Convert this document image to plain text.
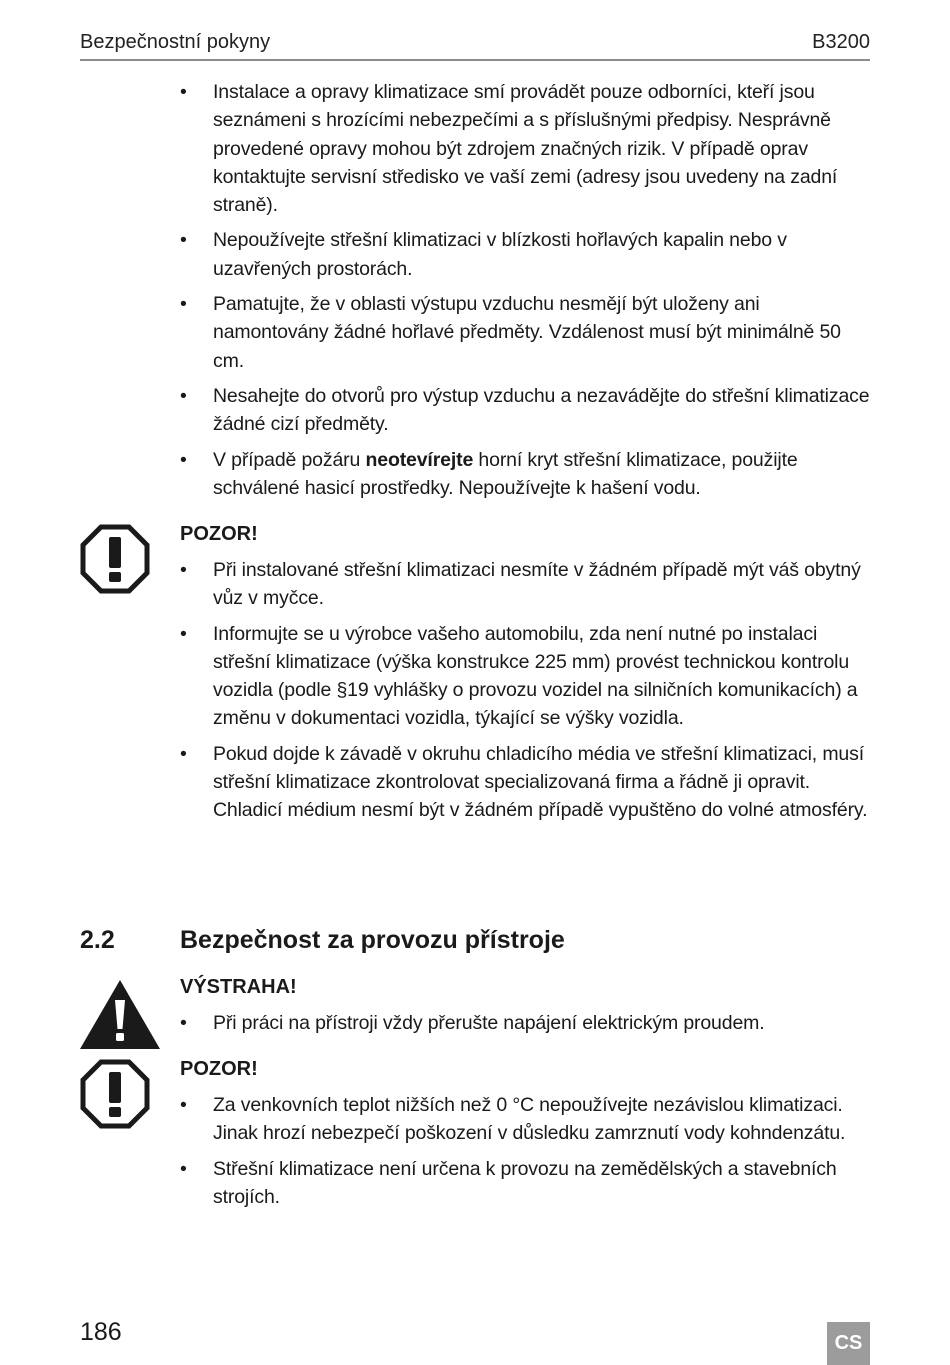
Bezpečnostní pokyny	B3200
• Instalace a opravy klimatizace smí provádět pouze odborníci, kteří jsou seznámeni s hrozícími nebezpečími a s příslušnými předpisy. Nesprávně provedené opravy mohou být zdrojem značných rizik. V případě oprav kontaktujte servisní středisko ve vaší zemi (adresy jsou uvedeny na zadní straně).
• Nepoužívejte střešní klimatizaci v blízkosti hořlavých kapalin nebo v uzavřených prostorách.
• Pamatujte, že v oblasti výstupu vzduchu nesmějí být uloženy ani namontovány žádné hořlavé předměty. Vzdálenost musí být minimálně 50 cm.
• Nesahejte do otvorů pro výstup vzduchu a nezavádějte do střešní klimatizace žádné cizí předměty.
• V případě požáru neotevírejte horní kryt střešní klimatizace, použijte schválené hasicí prostředky. Nepoužívejte k hašení vodu.
POZOR!
• Při instalované střešní klimatizaci nesmíte v žádném případě mýt váš obytný vůz v myčce.
• Informujte se u výrobce vašeho automobilu, zda není nutné po instalaci střešní klimatizace (výška konstrukce 225 mm) provést technickou kontrolu vozidla (podle §19 vyhlášky o provozu vozidel na silničních komunikacích) a změnu v dokumentaci vozidla, týkající se výšky vozidla.
• Pokud dojde k závadě v okruhu chladicího média ve střešní klimatizaci, musí střešní klimatizace zkontrolovat specializovaná firma a řádně ji opravit. Chladicí médium nesmí být v žádném případě vypuštěno do volné atmosféry.
2.2	Bezpečnost za provozu přístroje
VÝSTRAHA!
• Při práci na přístroji vždy přerušte napájení elektrickým proudem.
POZOR!
• Za venkovních teplot nižších než 0 °C nepoužívejte nezávislou klimatizaci. Jinak hrozí nebezpečí poškození v důsledku zamrznutí vody kohndenzátu.
• Střešní klimatizace není určena k provozu na zemědělských a stavebních strojích.
186	CS
